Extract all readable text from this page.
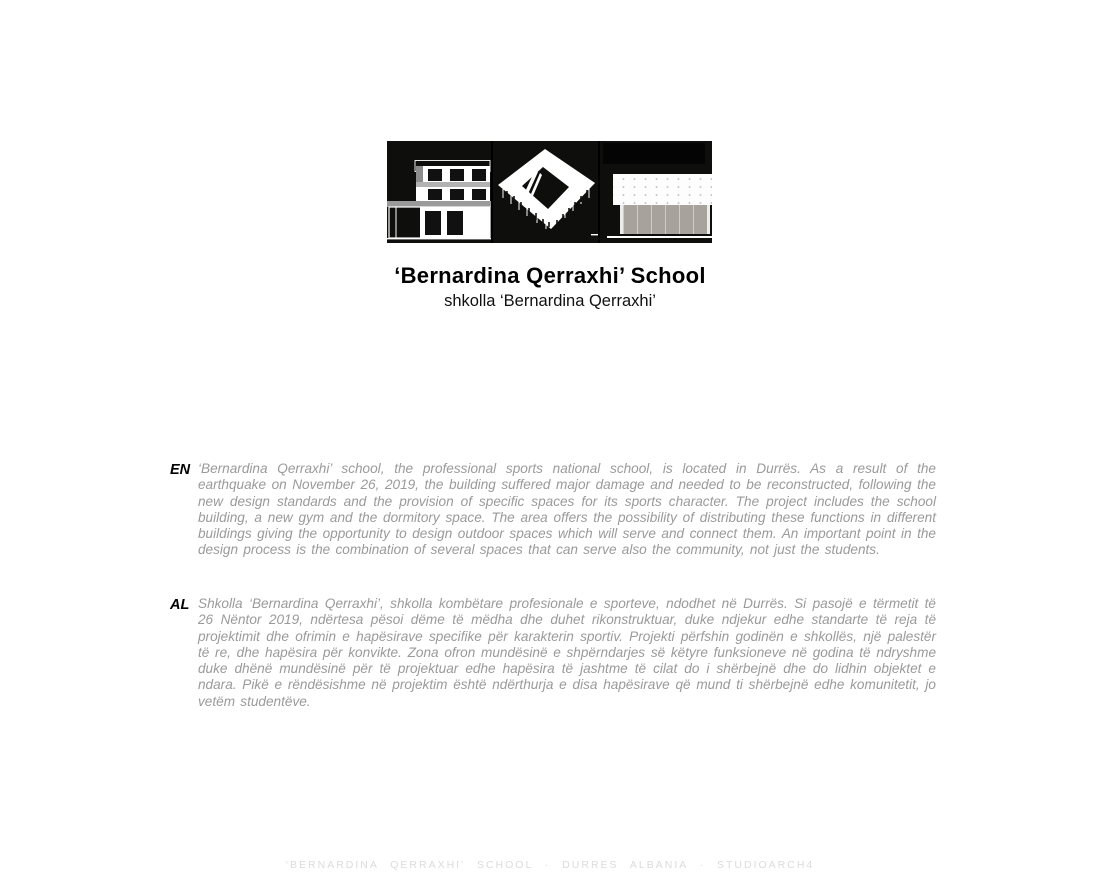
‘Bernardina Qerraxhi’ School
shkolla ‘Bernardina Qerraxhi’
EN ‘Bernardina Qerraxhi’ school, the professional sports national school, is located in Durrës. As a result of the earthquake on November 26, 2019, the building suffered major damage and needed to be reconstructed, following the new design standards and the provision of specific spaces for its sports character. The project includes the school building, a new gym and the dormitory space. The area offers the possibility of distributing these functions in different buildings giving the opportunity to design outdoor spaces which will serve and connect them. An important point in the design process is the combination of several spaces that can serve also the community, not just the students.

AL Shkolla ‘Bernardina Qerraxhi’, shkolla kombëtare profesionale e sporteve, ndodhet në Durrës. Si pasojë e tërmetit të 26 Nëntor 2019, ndërtesa pësoi dëme të mëdha dhe duhet rikonstruktuar, duke ndjekur edhe standarte të reja të projektimit dhe ofrimin e hapësirave specifike për karakterin sportiv. Projekti përfshin godinën e shkollës, një palestër të re, dhe hapësira për konvikte. Zona ofron mundësinë e shpërndarjes së këtyre funksioneve në godina të ndryshme duke dhënë mundësinë për të projektuar edhe hapësira të jashtme të cilat do i shërbejnë dhe do lidhin objektet e ndara. Pikë e rëndësishme në projektim është ndërthurja e disa hapësirave që mund ti shërbejnë edhe komunitetit, jo vetëm studentëve.

‘BERNARDINA QERRAXHI’ SCHOOL · DURRES ALBANIA · STUDIOARCH4
